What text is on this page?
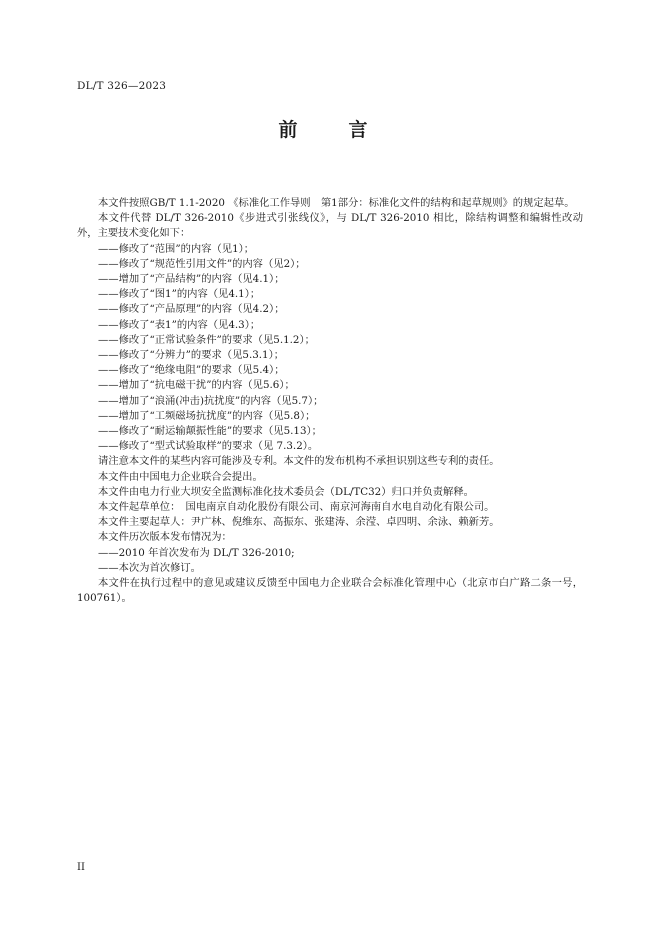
DL/T 326—2023
前　言

本文件按照GB/T 1.1-2020 《标准化工作导则　第1部分：标准化文件的结构和起草规则》的规定起草。

本文件代替 DL/T 326-2010《步进式引张线仪》，与 DL/T 326-2010 相比，除结构调整和编辑性改动外，主要技术变化如下：

——修改了“范围”的内容（见1）；
——修改了“规范性引用文件”的内容（见2）；
——增加了“产品结构”的内容（见4.1）；
——修改了“图1”的内容（见4.1）；
——修改了“产品原理”的内容（见4.2）；
——修改了“表1”的内容（见4.3）；
——修改了“正常试验条件”的要求（见5.1.2）；
——修改了“分辨力”的要求（见5.3.1）；
——修改了“绝缘电阻”的要求（见5.4）；
——增加了“抗电磁干扰”的内容（见5.6）；
——增加了“浪涌(冲击)抗扰度”的内容（见5.7）；
——增加了“工频磁场抗扰度”的内容（见5.8）；
——修改了“耐运输颠振性能”的要求（见5.13）；
——修改了“型式试验取样”的要求（见 7.3.2）。

请注意本文件的某些内容可能涉及专利。本文件的发布机构不承担识别这些专利的责任。

本文件由中国电力企业联合会提出。

本文件由电力行业大坝安全监测标准化技术委员会（DL/TC32）归口并负责解释。

本文件起草单位：　国电南京自动化股份有限公司、南京河海南自水电自动化有限公司。

本文件主要起草人：尹广林、倪维东、高振东、张建涛、余滢、卓四明、余泳、赖新芳。

本文件历次版本发布情况为：

——2010 年首次发布为 DL/T 326-2010;
——本次为首次修订。

本文件在执行过程中的意见或建议反馈至中国电力企业联合会标准化管理中心（北京市白广路二条一号，100761）。

II
